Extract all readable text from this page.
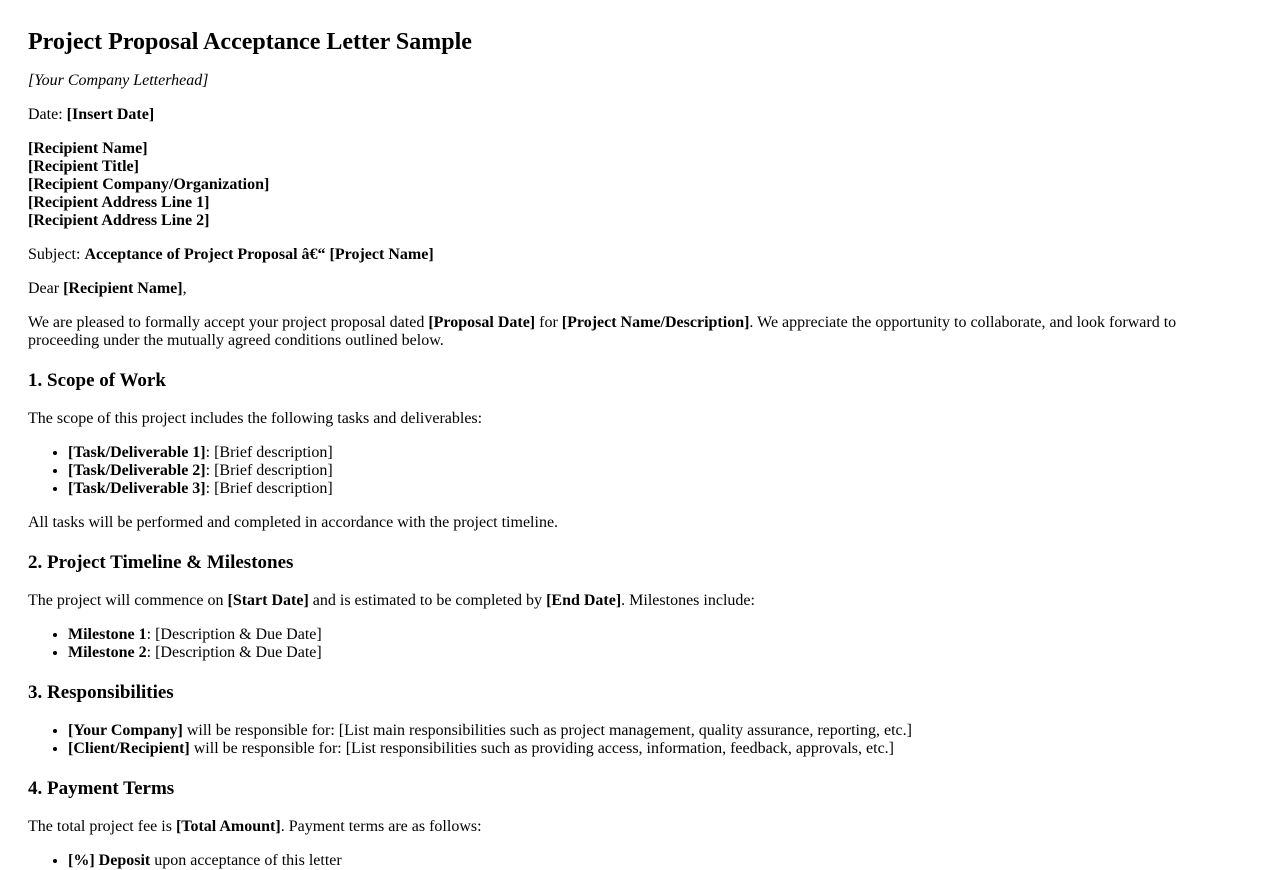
Project Proposal Acceptance Letter Sample

[Your Company Letterhead]

Date: [Insert Date]

[Recipient Name]
[Recipient Title]
[Recipient Company/Organization]
[Recipient Address Line 1]
[Recipient Address Line 2]

Subject: Acceptance of Project Proposal â€“ [Project Name]

Dear [Recipient Name],

We are pleased to formally accept your project proposal dated [Proposal Date] for [Project Name/Description]. We appreciate the opportunity to collaborate, and look forward to proceeding under the mutually agreed conditions outlined below.

1. Scope of Work

The scope of this project includes the following tasks and deliverables:

• [Task/Deliverable 1]: [Brief description]
• [Task/Deliverable 2]: [Brief description]
• [Task/Deliverable 3]: [Brief description]

All tasks will be performed and completed in accordance with the project timeline.

2. Project Timeline & Milestones

The project will commence on [Start Date] and is estimated to be completed by [End Date]. Milestones include:

• Milestone 1: [Description & Due Date]
• Milestone 2: [Description & Due Date]
3. Responsibilities
• [Your Company] will be responsible for: [List main responsibilities such as project management, quality assurance, reporting, etc.]
• [Client/Recipient] will be responsible for: [List responsibilities such as providing access, information, feedback, approvals, etc.]
4. Payment Terms

The total project fee is [Total Amount]. Payment terms are as follows:

• [%] Deposit upon acceptance of this letter
